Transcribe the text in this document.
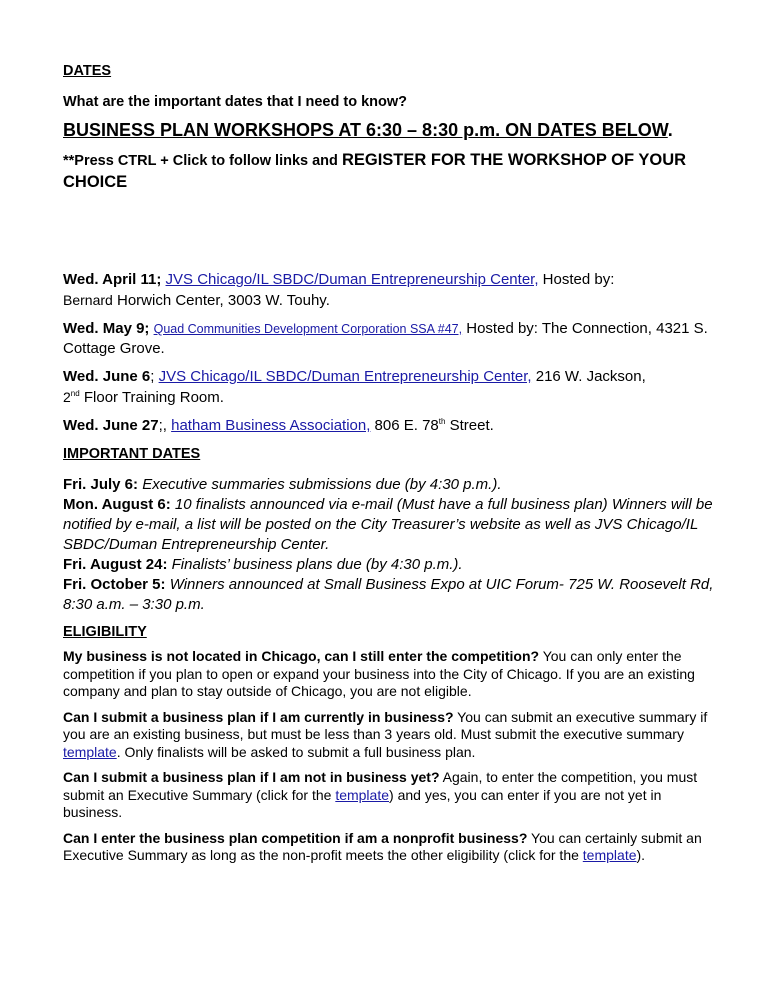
DATES

What are the important dates that I need to know?

BUSINESS PLAN WORKSHOPS AT 6:30 – 8:30 p.m. ON DATES BELOW.

**Press CTRL + Click to follow links and REGISTER FOR THE WORKSHOP OF YOUR CHOICE

Wed. April 11; JVS Chicago/IL SBDC/Duman Entrepreneurship Center, Hosted by:
Bernard Horwich Center, 3003 W. Touhy.

Wed. May 9; Quad Communities Development Corporation SSA #47, Hosted by: The Connection, 4321 S. Cottage Grove.

Wed. June 6; JVS Chicago/IL SBDC/Duman Entrepreneurship Center, 216 W. Jackson,
2nd Floor Training Room.

Wed. June 27;, hatham Business Association, 806 E. 78th Street.

IMPORTANT DATES

Fri. July 6: Executive summaries submissions due (by 4:30 p.m.).

Mon. August 6: 10 finalists announced via e-mail (Must have a full business plan) Winners will be notified by e-mail, a list will be posted on the City Treasurer’s website as well as JVS Chicago/IL SBDC/Duman Entrepreneurship Center.

Fri. August 24: Finalists’ business plans due (by 4:30 p.m.).

Fri. October 5: Winners announced at Small Business Expo at UIC Forum- 725 W. Roosevelt Rd, 8:30 a.m. – 3:30 p.m.

ELIGIBILITY

My business is not located in Chicago, can I still enter the competition? You can only enter the competition if you plan to open or expand your business into the City of Chicago. If you are an existing company and plan to stay outside of Chicago, you are not eligible.

Can I submit a business plan if I am currently in business? You can submit an executive summary if you are an existing business, but must be less than 3 years old. Must submit the executive summary template. Only finalists will be asked to submit a full business plan.

Can I submit a business plan if I am not in business yet? Again, to enter the competition, you must submit an Executive Summary (click for the template) and yes, you can enter if you are not yet in business.

Can I enter the business plan competition if am a nonprofit business? You can certainly submit an Executive Summary as long as the non-profit meets the other eligibility (click for the template).
